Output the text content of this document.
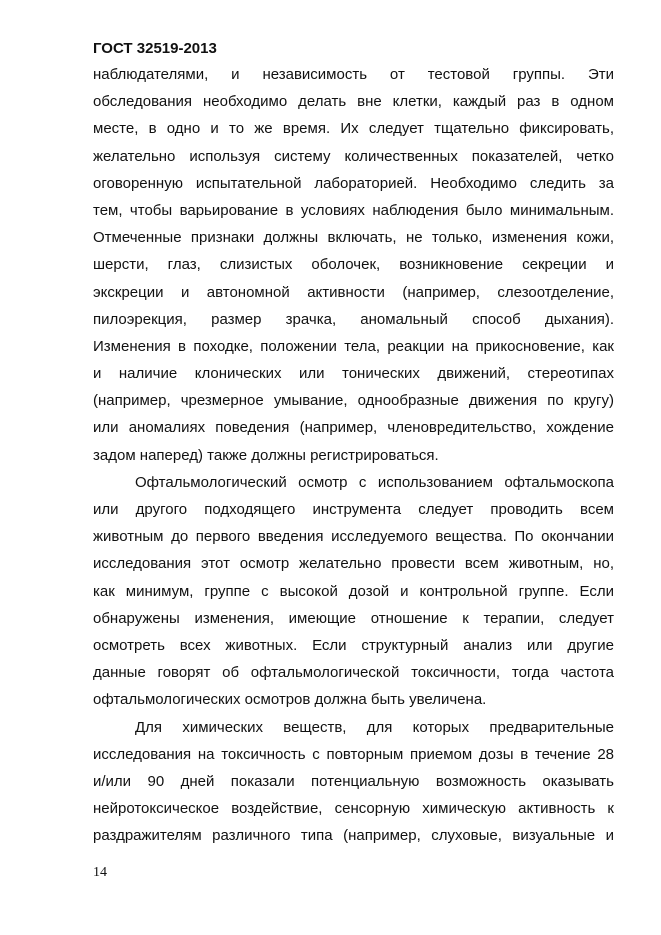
ГОСТ 32519-2013
наблюдателями, и независимость от тестовой группы. Эти
обследования необходимо делать вне клетки, каждый раз в одном
месте, в одно и то же время. Их следует тщательно фиксировать,
желательно используя систему количественных показателей, четко
оговоренную испытательной лабораторией. Необходимо следить за
тем, чтобы варьирование в условиях наблюдения было минимальным.
Отмеченные признаки должны включать, не только, изменения кожи,
шерсти, глаз, слизистых оболочек, возникновение секреции и
экскреции и автономной активности (например, слезоотделение,
пилоэрекция, размер зрачка, аномальный способ дыхания).
Изменения в походке, положении тела, реакции на прикосновение, как
и наличие клонических или тонических движений, стереотипах
(например, чрезмерное умывание, однообразные движения по кругу)
или аномалиях поведения (например, членовредительство, хождение
задом наперед) также должны регистрироваться.
Офтальмологический осмотр с использованием офтальмоскопа
или другого подходящего инструмента следует проводить всем
животным до первого введения исследуемого вещества. По окончании
исследования этот осмотр желательно провести всем животным, но,
как минимум, группе с высокой дозой и контрольной группе. Если
обнаружены изменения, имеющие отношение к терапии, следует
осмотреть всех животных. Если структурный анализ или другие
данные говорят об офтальмологической токсичности, тогда частота
офтальмологических осмотров должна быть увеличена.
Для химических веществ, для которых предварительные
исследования на токсичность с повторным приемом дозы в течение 28
и/или 90 дней показали потенциальную возможность оказывать
нейротоксическое воздействие, сенсорную химическую активность к
раздражителям различного типа (например, слуховые, визуальные и
14
